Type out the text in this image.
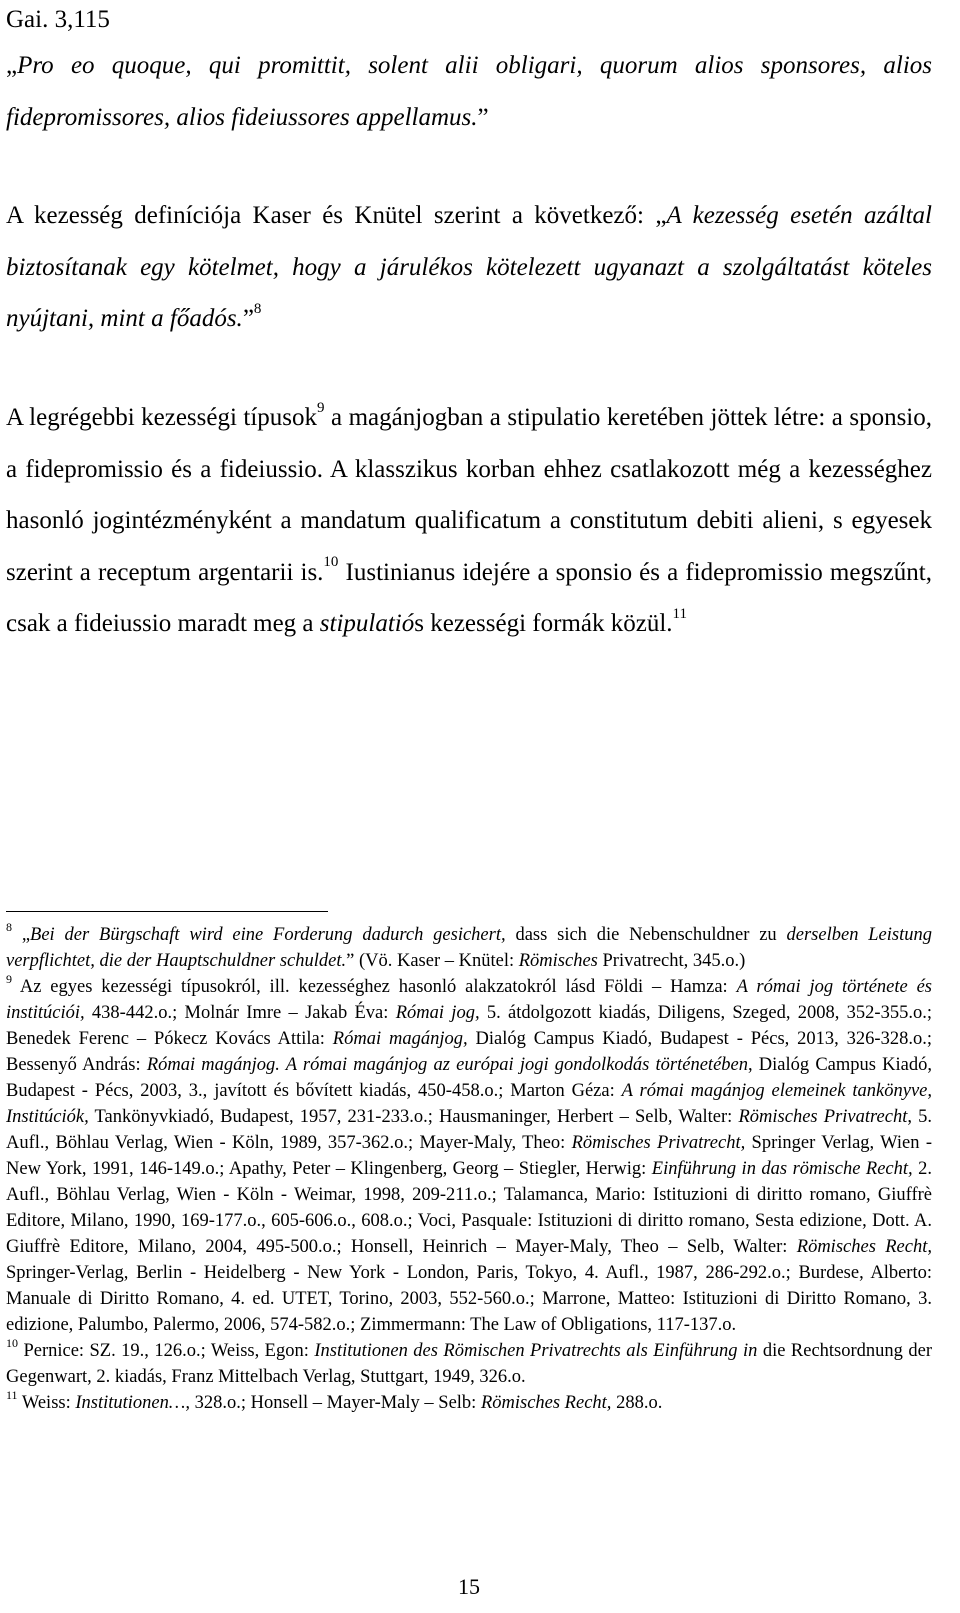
Gai. 3,115

„Pro eo quoque, qui promittit, solent alii obligari, quorum alios sponsores, alios fidepromissores, alios fideiussores appellamus.”

A kezesség definíciója Kaser és Knütel szerint a következő: „A kezesség esetén azáltal biztosítanak egy kötelmet, hogy a járulékos kötelezett ugyanazt a szolgáltatást köteles nyújtani, mint a főadós.”$^8$

A legrégebbi kezességi típusok$^9$ a magánjogban a stipulatio keretében jöttek létre: a sponsio, a fidepromissio és a fideiussio. A klasszikus korban ehhez csatlakozott még a kezességhez hasonló jogintézményként a mandatum qualificatum a constitutum debiti alieni, s egyesek szerint a receptum argentarii is.$^{10}$ Iustinianus idejére a sponsio és a fidepromissio megszűnt, csak a fideiussio maradt meg a stipulatiós kezességi formák közül.$^{11}$

$^8$ „Bei der Bürgschaft wird eine Forderung dadurch gesichert, dass sich die Nebenschuldner zu derselben Leistung verpflichtet, die der Hauptschuldner schuldet.” (Vö. Kaser – Knütel: Römisches Privatrecht, 345.o.)

$^9$ Az egyes kezességi típusokról, ill. kezességhez hasonló alakzatokról lásd Földi – Hamza: A római jog története és institúciói, 438-442.o.; Molnár Imre – Jakab Éva: Római jog, 5. átdolgozott kiadás, Diligens, Szeged, 2008, 352-355.o.; Benedek Ferenc – Pókecz Kovács Attila: Római magánjog, Dialóg Campus Kiadó, Budapest - Pécs, 2013, 326-328.o.; Bessenyő András: Római magánjog. A római magánjog az európai jogi gondolkodás történetében, Dialóg Campus Kiadó, Budapest - Pécs, 2003, 3., javított és bővített kiadás, 450-458.o.; Marton Géza: A római magánjog elemeinek tankönyve, Institúciók, Tankönyvkiadó, Budapest, 1957, 231-233.o.; Hausmaninger, Herbert – Selb, Walter: Römisches Privatrecht, 5. Aufl., Böhlau Verlag, Wien - Köln, 1989, 357-362.o.; Mayer-Maly, Theo: Römisches Privatrecht, Springer Verlag, Wien - New York, 1991, 146-149.o.; Apathy, Peter – Klingenberg, Georg – Stiegler, Herwig: Einführung in das römische Recht, 2. Aufl., Böhlau Verlag, Wien - Köln - Weimar, 1998, 209-211.o.; Talamanca, Mario: Istituzioni di diritto romano, Giuffrè Editore, Milano, 1990, 169-177.o., 605-606.o., 608.o.; Voci, Pasquale: Istituzioni di diritto romano, Sesta edizione, Dott. A. Giuffrè Editore, Milano, 2004, 495-500.o.; Honsell, Heinrich – Mayer-Maly, Theo – Selb, Walter: Römisches Recht, Springer-Verlag, Berlin - Heidelberg - New York - London, Paris, Tokyo, 4. Aufl., 1987, 286-292.o.; Burdese, Alberto: Manuale di Diritto Romano, 4. ed. UTET, Torino, 2003, 552-560.o.; Marrone, Matteo: Istituzioni di Diritto Romano, 3. edizione, Palumbo, Palermo, 2006, 574-582.o.; Zimmermann: The Law of Obligations, 117-137.o.

$^{10}$ Pernice: SZ. 19., 126.o.; Weiss, Egon: Institutionen des Römischen Privatrechts als Einführung in die Rechtsordnung der Gegenwart, 2. kiadás, Franz Mittelbach Verlag, Stuttgart, 1949, 326.o.

$^{11}$ Weiss: Institutionen…, 328.o.; Honsell – Mayer-Maly – Selb: Römisches Recht, 288.o.

15
